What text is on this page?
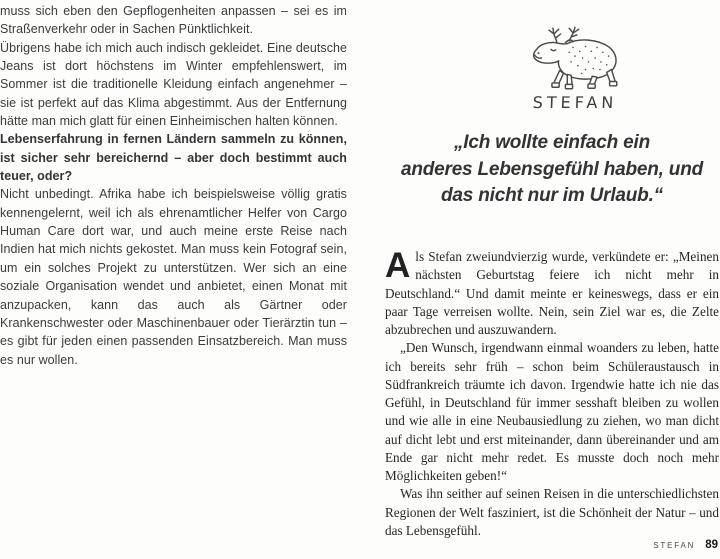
muss sich eben den Gepflogenheiten anpassen – sei es im Straßenverkehr oder in Sachen Pünktlichkeit.

Übrigens habe ich mich auch indisch gekleidet. Eine deutsche Jeans ist dort höchstens im Winter empfehlenswert, im Sommer ist die traditionelle Kleidung einfach angenehmer – sie ist perfekt auf das Klima abgestimmt. Aus der Entfernung hätte man mich glatt für einen Einheimischen halten können.

Lebenserfahrung in fernen Ländern sammeln zu können, ist sicher sehr bereichernd – aber doch bestimmt auch teuer, oder?

Nicht unbedingt. Afrika habe ich beispielsweise völlig gratis kennengelernt, weil ich als ehrenamtlicher Helfer von Cargo Human Care dort war, und auch meine erste Reise nach Indien hat mich nichts gekostet. Man muss kein Fotograf sein, um ein solches Projekt zu unterstützen. Wer sich an eine soziale Organisation wendet und anbietet, einen Monat mit anzupacken, kann das auch als Gärtner oder Krankenschwester oder Maschinenbauer oder Tierärztin tun – es gibt für jeden einen passenden Einsatzbereich. Man muss es nur wollen.

STEFAN
„Ich wollte einfach ein
anderes Lebensgefühl haben, und
das nicht nur im Urlaub.“

Als Stefan zweiundvierzig wurde, verkündete er: „Meinen nächsten Geburtstag feiere ich nicht mehr in Deutschland.“ Und damit meinte er keineswegs, dass er ein paar Tage verreisen wollte. Nein, sein Ziel war es, die Zelte abzubrechen und auszuwandern.

„Den Wunsch, irgendwann einmal woanders zu leben, hatte ich bereits sehr früh – schon beim Schüleraustausch in Südfrankreich träumte ich davon. Irgendwie hatte ich nie das Gefühl, in Deutschland für immer sesshaft bleiben zu wollen und wie alle in eine Neubausiedlung zu ziehen, wo man dicht auf dicht lebt und erst miteinander, dann übereinander und am Ende gar nicht mehr redet. Es musste doch noch mehr Möglichkeiten geben!“

Was ihn seither auf seinen Reisen in die unterschiedlichsten Regionen der Welt fasziniert, ist die Schönheit der Natur – und das Lebensgefühl.

STEFAN 89
